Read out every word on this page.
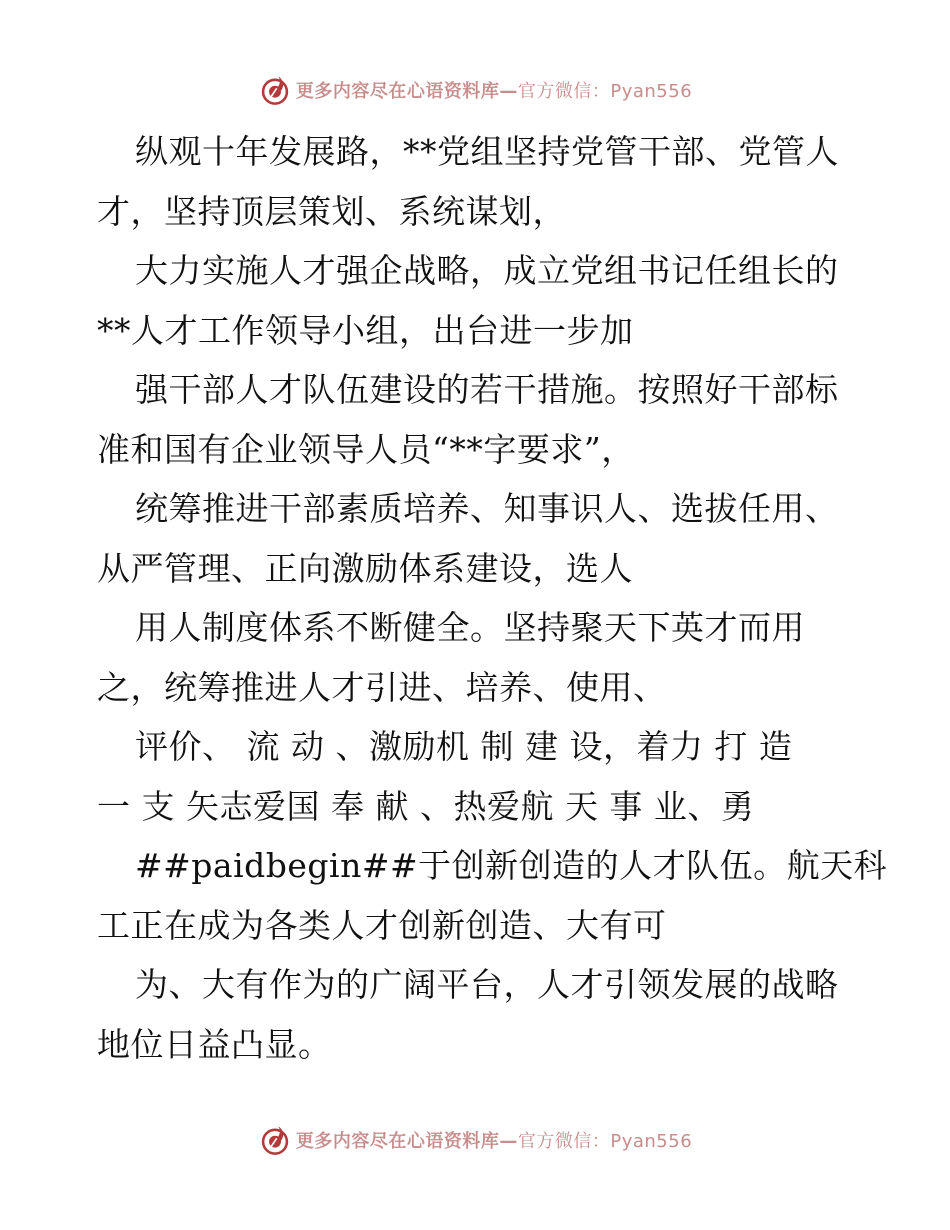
更多内容尽在心语资料库—官方微信：Pyan556
纵观十年发展路，**党组坚持党管干部、党管人
才，坚持顶层策划、系统谋划，
大力实施人才强企战略，成立党组书记任组长的
**人才工作领导小组，出台进一步加
强干部人才队伍建设的若干措施。按照好干部标
准和国有企业领导人员“**字要求”，
统筹推进干部素质培养、知事识人、选拔任用、
从严管理、正向激励体系建设，选人
用人制度体系不断健全。坚持聚天下英才而用
之，统筹推进人才引进、培养、使用、
评价、 流 动 、激励机 制 建 设，着力 打 造
一 支 矢志爱国 奉 献 、热爱航 天 事 业、勇
##paidbegin##于创新创造的人才队伍。航天科
工正在成为各类人才创新创造、大有可
为、大有作为的广阔平台，人才引领发展的战略
地位日益凸显。
更多内容尽在心语资料库—官方微信：Pyan556
